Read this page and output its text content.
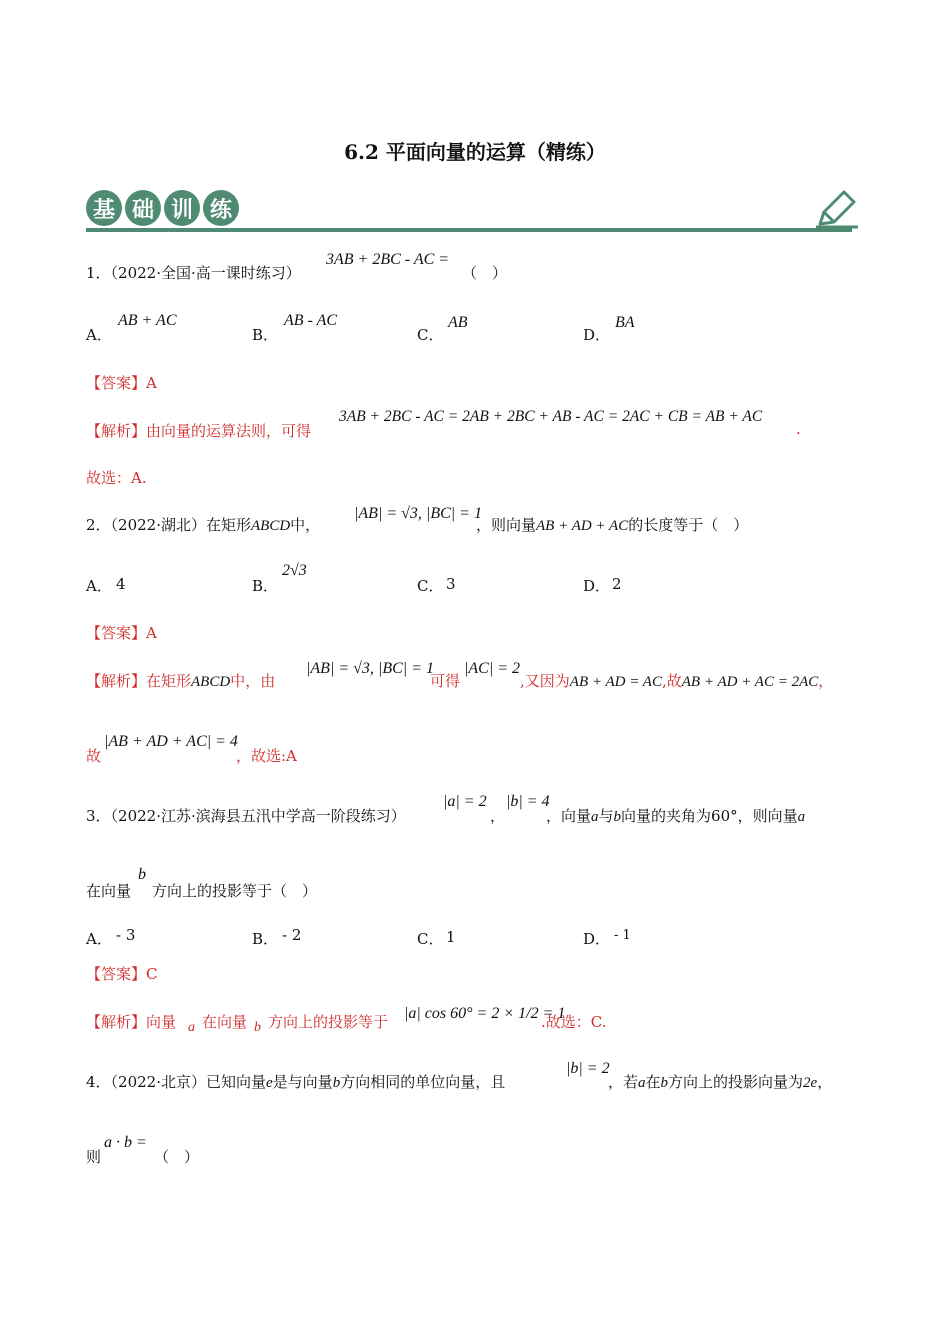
6.2 平面向量的运算（精练）
基 础 训 练
1．（2022·全国·高一课时练习）
3AB + 2BC - AC =
（　）
A．
AB + AC
B．
AB - AC
C．
AB
D．
BA
【答案】A
【解析】由向量的运算法则，可得
3AB + 2BC - AC = 2AB + 2BC + AB - AC = 2AC + CB = AB + AC
.
故选：A.
2．（2022·湖北）在矩形ABCD中，
|AB| = √3, |BC| = 1
，则向量AB + AD + AC的长度等于（　）
A． 4	B．
2√3
C． 3	D． 2
【答案】A
【解析】在矩形ABCD中，由
|AB| = √3, |BC| = 1
可得
|AC| = 2
,又因为AB + AD = AC,故AB + AD + AC = 2AC，
故
|AB + AD + AC| = 4
，故选:A
3．（2022·江苏·滨海县五汛中学高一阶段练习）
|a| = 2
，
|b| = 4
，向量a与b向量的夹角为60°，则向量a
在向量
b
方向上的投影等于（　）
A． - 3	B． - 2	C． 1	D． - 1
【答案】C
【解析】向量 a 在向量 b 方向上的投影等于 |a| cos 60° = 2 × 1/2 = 1
.故选：C.
4．（2022·北京）已知向量e是与向量b方向相同的单位向量，且
|b| = 2
，若a在b方向上的投影向量为2e，
则
a · b =
（　）
